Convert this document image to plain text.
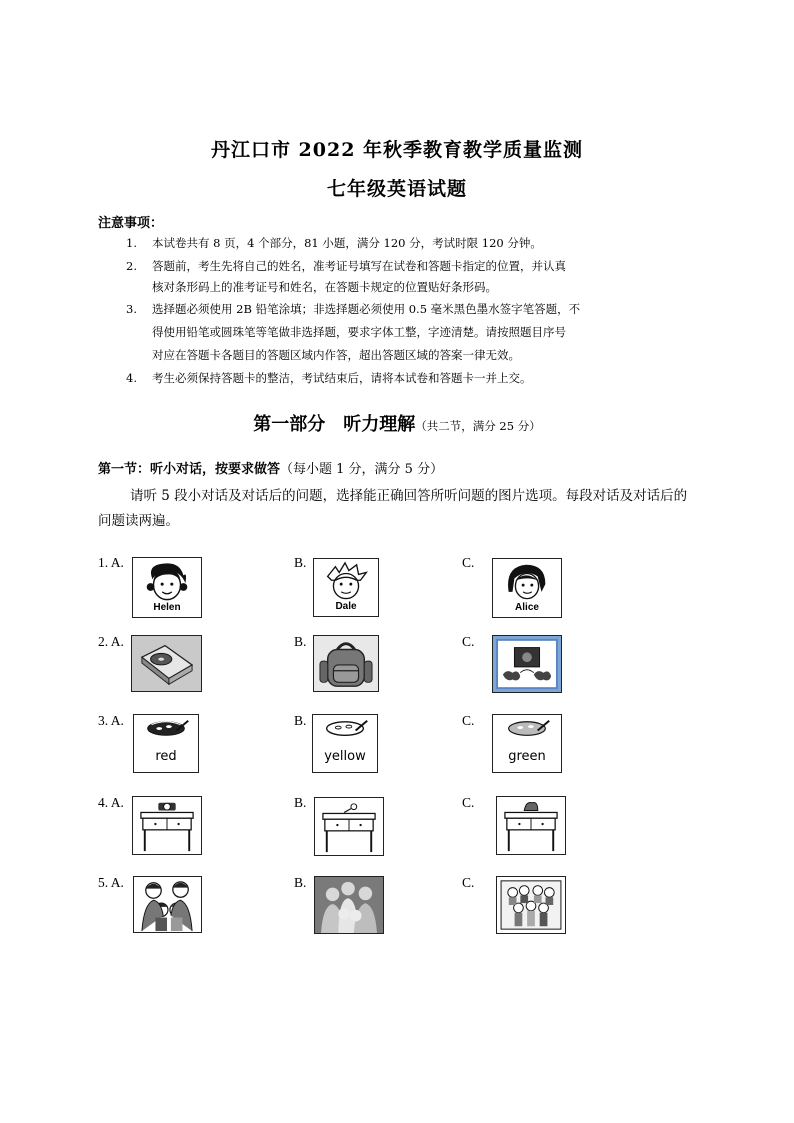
丹江口市 2022 年秋季教育教学质量监测
七年级英语试题
注意事项：
1. 本试卷共有 8 页，4 个部分，81 小题，满分 120 分，考试时限 120 分钟。
2. 答题前，考生先将自己的姓名，准考证号填写在试卷和答题卡指定的位置，并认真
核对条形码上的准考证号和姓名，在答题卡规定的位置贴好条形码。
3. 选择题必须使用 2B 铅笔涂填；非选择题必须使用 0.5 毫米黑色墨水签字笔答题，不
得使用铅笔或圆珠笔等笔做非选择题，要求字体工整，字迹清楚。请按照题目序号
对应在答题卡各题目的答题区域内作答，超出答题区域的答案一律无效。
4. 考生必须保持答题卡的整洁，考试结束后，请将本试卷和答题卡一并上交。
第一部分　听力理解（共二节，满分 25 分）
第一节：听小对话，按要求做答（每小题 1 分，满分 5 分）
请听 5 段小对话及对话后的问题，选择能正确回答所听问题的图片选项。每段对话及对话后的问题读两遍。
1. A.
Helen
B.
Dale
C.
Alice
2. A.	B.	C.
3. A.
red
B.
yellow
C.
green
4. A.	B.	C.
5. A.	B.	C.
